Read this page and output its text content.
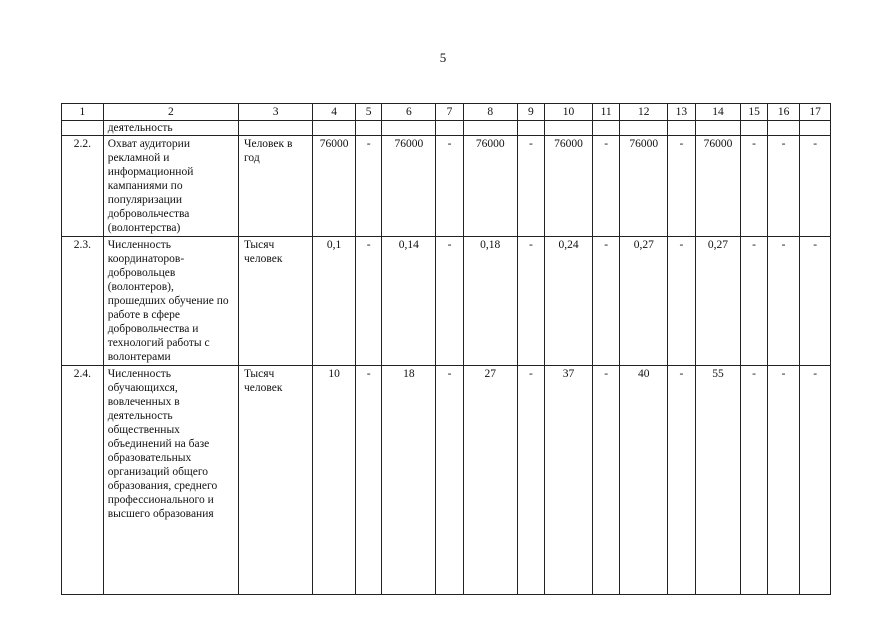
5
1	2	3	4	5	6	7	8	9	10	11	12	13	14	15	16	17
	деятельность															
2.2.	Охват аудитории рекламной и информационной кампаниями по популяризации добровольчества (волонтерства)	Человек в год	76000	-	76000	-	76000	-	76000	-	76000	-	76000	-	-	-
2.3.	Численность координаторов-добровольцев (волонтеров), прошедших обучение по работе в сфере добровольчества и технологий работы с волонтерами	Тысяч человек	0,1	-	0,14	-	0,18	-	0,24	-	0,27	-	0,27	-	-	-
2.4.	Численность обучающихся, вовлеченных в деятельность общественных объединений на базе образовательных организаций общего образования, среднего профессионального и высшего образования	Тысяч человек	10	-	18	-	27	-	37	-	40	-	55	-	-	-
